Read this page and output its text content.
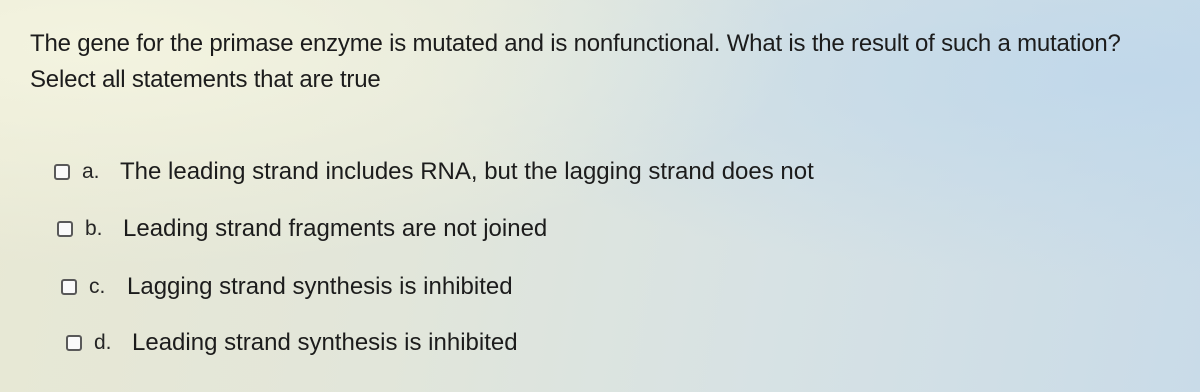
The gene for the primase enzyme is mutated and is nonfunctional. What is the result of such a mutation?

Select all statements that are true

a. The leading strand includes RNA, but the lagging strand does not
b. Leading strand fragments are not joined
c. Lagging strand synthesis is inhibited
d. Leading strand synthesis is inhibited
